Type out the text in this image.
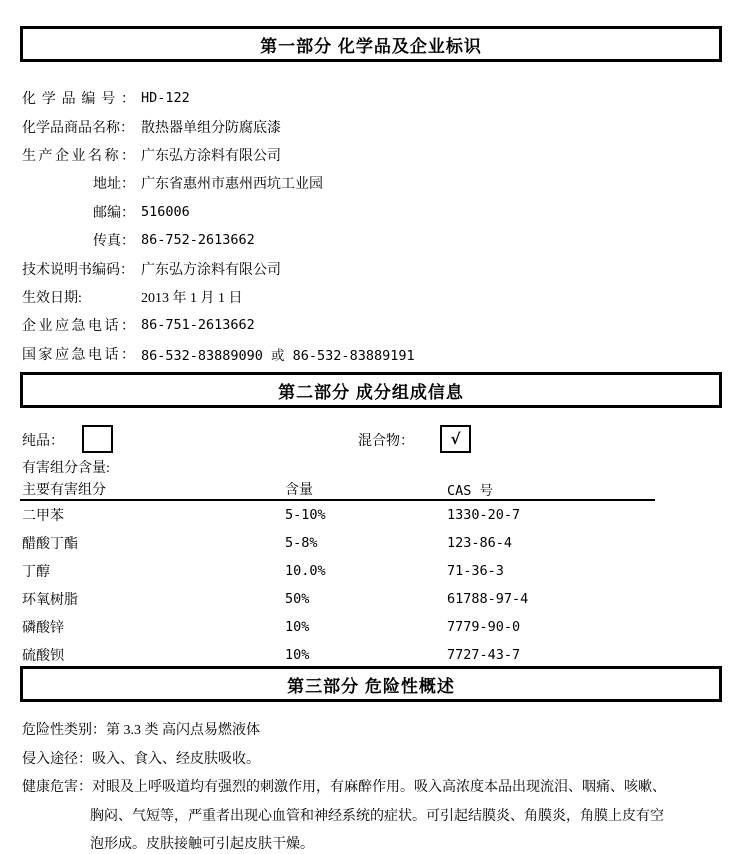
第一部分 化学品及企业标识
化学品编号： HD-122
化学品商品名称： 散热器单组分防腐底漆
生产企业名称： 广东弘方涂料有限公司
地址： 广东省惠州市惠州西坑工业园
邮编： 516006
传真： 86-752-2613662
技术说明书编码： 广东弘方涂料有限公司
生效日期:	2013 年 1 月 1 日
企业应急电话： 86-751-2613662
国家应急电话： 86-532-83889090 或 86-532-83889191
第二部分 成分组成信息
纯品：	混合物： √
有害组分含量:
主要有害组分	含量	CAS 号
二甲苯	5-10%	1330-20-7
醋酸丁酯	5-8%	123-86-4
丁醇	10.0%	71-36-3
环氧树脂	50%	61788-97-4
磷酸锌	10%	7779-90-0
硫酸钡	10%	7727-43-7
第三部分 危险性概述
危险性类别：第 3.3 类 高闪点易燃液体
侵入途径：吸入、食入、经皮肤吸收。
健康危害：对眼及上呼吸道均有强烈的刺激作用，有麻醉作用。吸入高浓度本品出现流泪、咽痛、咳嗽、
胸闷、气短等，严重者出现心血管和神经系统的症状。可引起结膜炎、角膜炎，角膜上皮有空
泡形成。皮肤接触可引起皮肤干燥。
